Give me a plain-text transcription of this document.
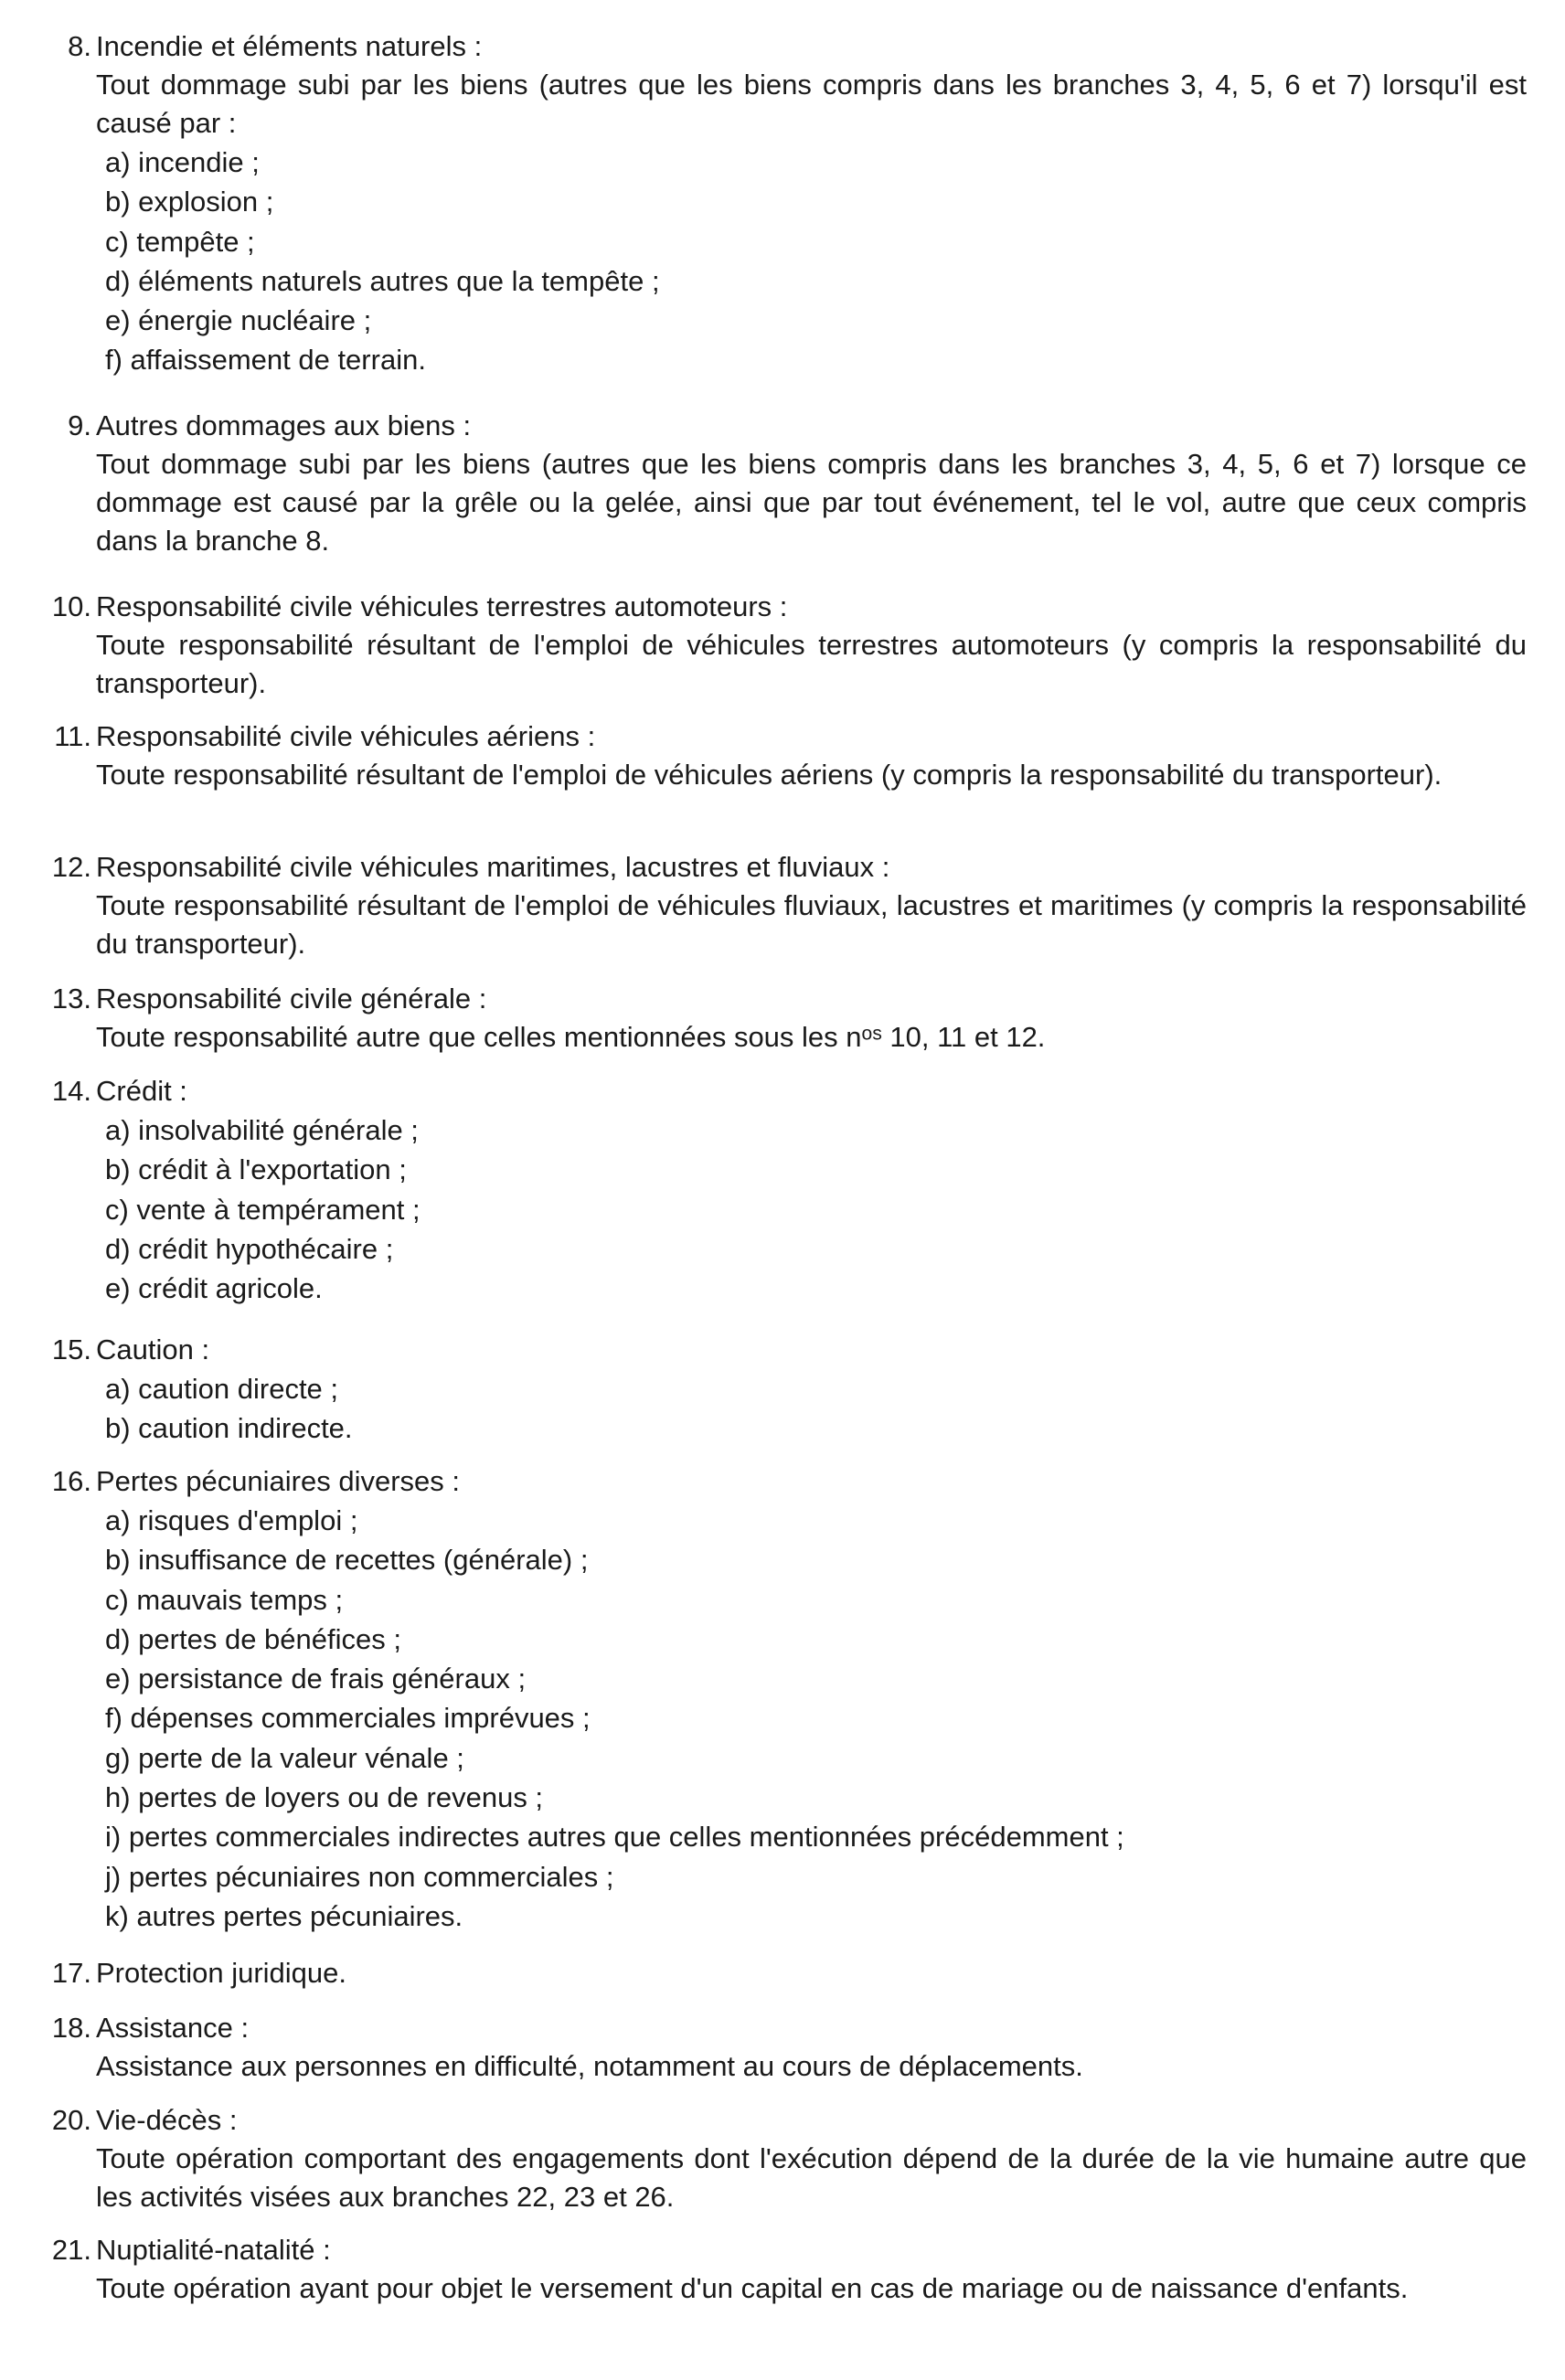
8. Incendie et éléments naturels :
Tout dommage subi par les biens (autres que les biens compris dans les branches 3, 4, 5, 6 et 7) lorsqu'il est causé par :
a) incendie ;
b) explosion ;
c) tempête ;
d) éléments naturels autres que la tempête ;
e) énergie nucléaire ;
f) affaissement de terrain.
9. Autres dommages aux biens :
Tout dommage subi par les biens (autres que les biens compris dans les branches 3, 4, 5, 6 et 7) lorsque ce dommage est causé par la grêle ou la gelée, ainsi que par tout événement, tel le vol, autre que ceux compris dans la branche 8.
10. Responsabilité civile véhicules terrestres automoteurs :
Toute responsabilité résultant de l'emploi de véhicules terrestres automoteurs (y compris la responsabilité du transporteur).
11. Responsabilité civile véhicules aériens :
Toute responsabilité résultant de l'emploi de véhicules aériens (y compris la responsabilité du transporteur).
12. Responsabilité civile véhicules maritimes, lacustres et fluviaux :
Toute responsabilité résultant de l'emploi de véhicules fluviaux, lacustres et maritimes (y compris la responsabilité du transporteur).
13. Responsabilité civile générale :
Toute responsabilité autre que celles mentionnées sous les nᵒˢ 10, 11 et 12.
14. Crédit :
a) insolvabilité générale ;
b) crédit à l'exportation ;
c) vente à tempérament ;
d) crédit hypothécaire ;
e) crédit agricole.
15. Caution :
a) caution directe ;
b) caution indirecte.
16. Pertes pécuniaires diverses :
a) risques d'emploi ;
b) insuffisance de recettes (générale) ;
c) mauvais temps ;
d) pertes de bénéfices ;
e) persistance de frais généraux ;
f) dépenses commerciales imprévues ;
g) perte de la valeur vénale ;
h) pertes de loyers ou de revenus ;
i) pertes commerciales indirectes autres que celles mentionnées précédemment ;
j) pertes pécuniaires non commerciales ;
k) autres pertes pécuniaires.
17. Protection juridique.
18. Assistance :
Assistance aux personnes en difficulté, notamment au cours de déplacements.
20. Vie-décès :
Toute opération comportant des engagements dont l'exécution dépend de la durée de la vie humaine autre que les activités visées aux branches 22, 23 et 26.
21. Nuptialité-natalité :
Toute opération ayant pour objet le versement d'un capital en cas de mariage ou de naissance d'enfants.
